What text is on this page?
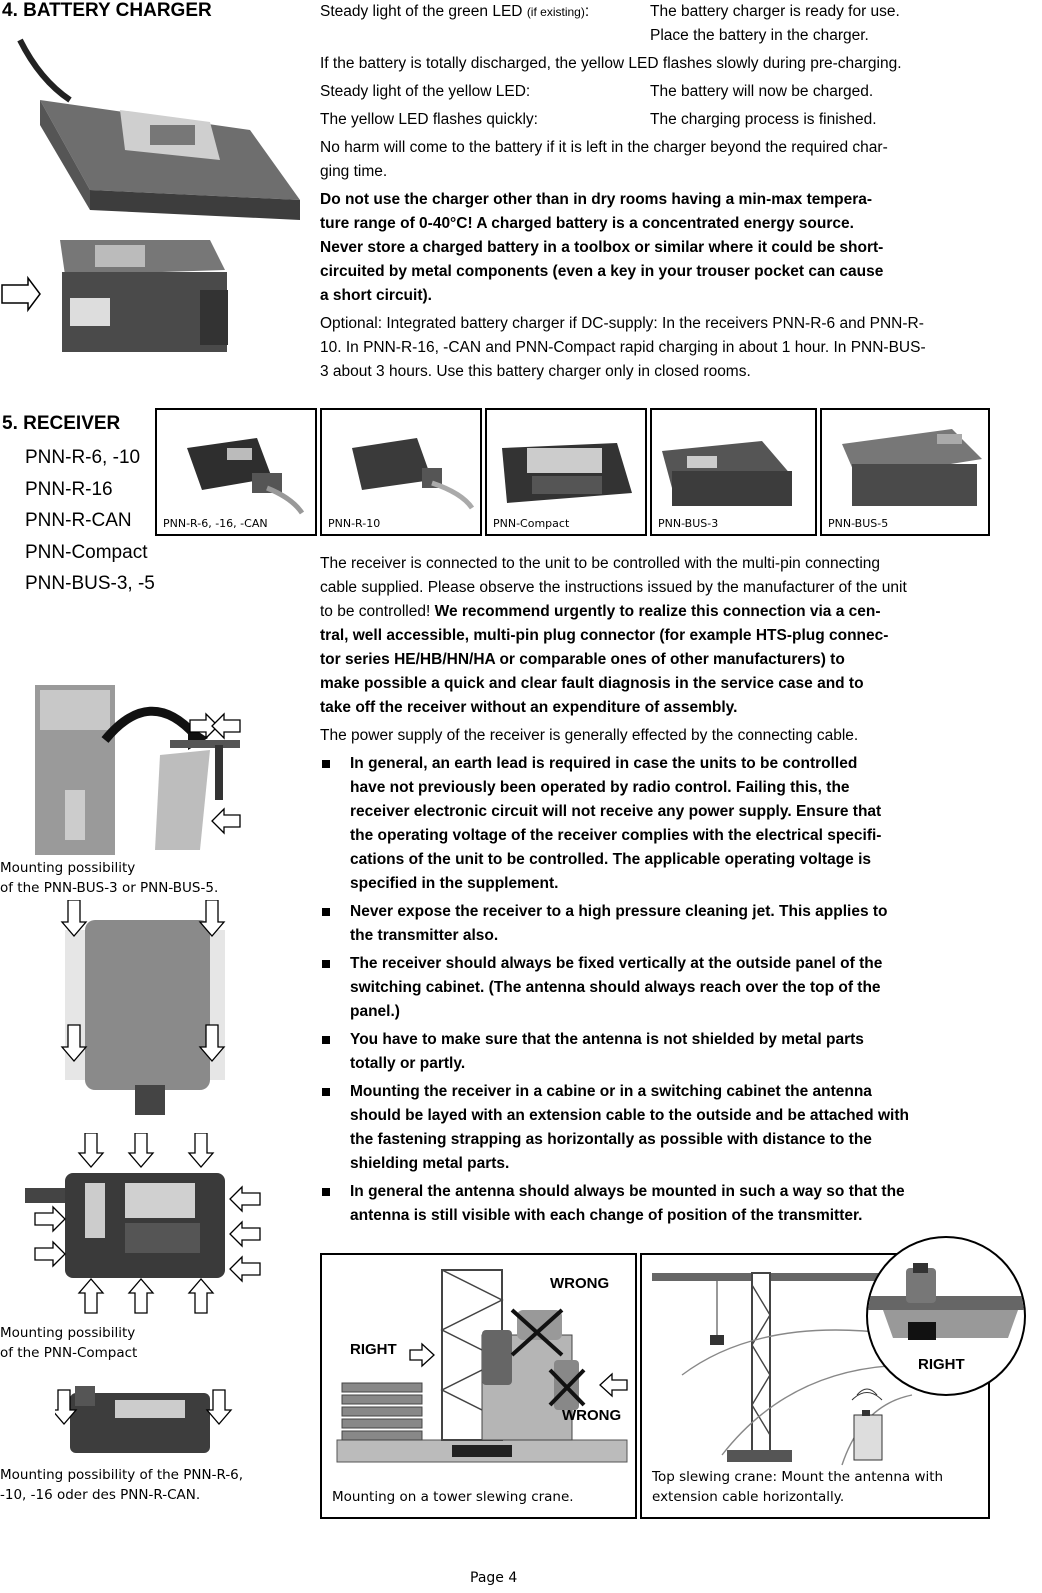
4. BATTERY CHARGER	Steady light of the green LED (if existing):	The battery charger is ready for use.
Place the battery in the charger.
If the battery is totally discharged, the yellow LED flashes slowly during pre-charging.
Steady light of the yellow LED:	The battery will now be charged.
The yellow LED flashes quickly:	The charging process is finished.
No harm will come to the battery if it is left in the charger beyond the required char-
ging time.
Do not use the charger other than in dry rooms having a min-max tempera-
ture range of 0-40°C! A charged battery is a concentrated energy source.
Never store a charged battery in a toolbox or similar where it could be short-
circuited by metal components (even a key in your trouser pocket can cause
a short circuit).
Optional: Integrated battery charger if DC-supply: In the receivers PNN-R-6 and PNN-R-
10. In PNN-R-16, -CAN and PNN-Compact rapid charging in about 1 hour. In PNN-BUS-
3 about 3 hours. Use this battery charger only in closed rooms.
5. RECEIVER
PNN-R-6, -10
PNN-R-16
PNN-R-CAN
PNN-Compact
PNN-BUS-3, -5
PNN-R-6, -16, -CAN	PNN-R-10	PNN-Compact	PNN-BUS-3	PNN-BUS-5
The receiver is connected to the unit to be controlled with the multi-pin connecting
cable supplied. Please observe the instructions issued by the manufacturer of the unit
to be controlled! We recommend urgently to realize this connection via a cen-
tral, well accessible, multi-pin plug connector (for example HTS-plug connec-
tor series HE/HB/HN/HA or comparable ones of other manufacturers) to
make possible a quick and clear fault diagnosis in the service case and to
take off the receiver without an expenditure of assembly.
The power supply of the receiver is generally effected by the connecting cable.
In general, an earth lead is required in case the units to be controlled
have not previously been operated by radio control. Failing this, the
receiver electronic circuit will not receive any power supply. Ensure that
the operating voltage of the receiver complies with the electrical specifi-
cations of the unit to be controlled. The applicable operating voltage is
specified in the supplement.
Never expose the receiver to a high pressure cleaning jet. This applies to
the transmitter also.
The receiver should always be fixed vertically at the outside panel of the
switching cabinet. (The antenna should always reach over the top of the
panel.)
You have to make sure that the antenna is not shielded by metal parts
totally or partly.
Mounting the receiver in a cabine or in a switching cabinet the antenna
should be layed with an extension cable to the outside and be attached with
the fastening strapping as horizontally as possible with distance to the
shielding metal parts.
In general the antenna should always be mounted in such a way so that the
antenna is still visible with each change of position of the transmitter.
Mounting possibility
of the PNN-BUS-3 or PNN-BUS-5.
Mounting possibility
of the PNN-Compact
Mounting possibility of the PNN-R-6,
-10, -16 oder des PNN-R-CAN.
WRONG
RIGHT
WRONG
Mounting on a tower slewing crane.
Top slewing crane: Mount the antenna with
extension cable horizontally.
RIGHT
Page 4
